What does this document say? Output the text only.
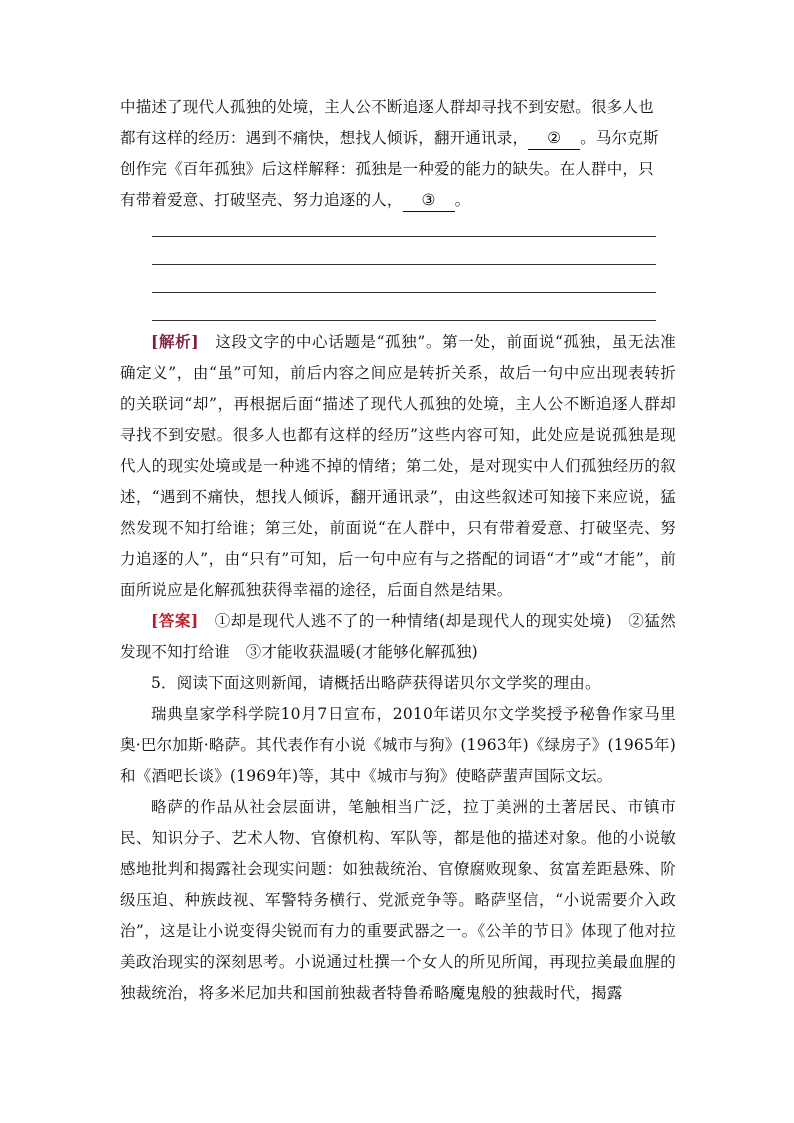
中描述了现代人孤独的处境，主人公不断追逐人群却寻找不到安慰。很多人也

都有这样的经历：遇到不痛快，想找人倾诉，翻开通讯录， ② 。马尔克斯

创作完《百年孤独》后这样解释：孤独是一种爱的能力的缺失。在人群中，只

有带着爱意、打破坚壳、努力追逐的人， ③ 。

[解析]　 这段文字的中心话题是“孤独”。第一处，前面说“孤独，虽无法准确定义”，由“虽”可知，前后内容之间应是转折关系，故后一句中应出现表转折的关联词“却”，再根据后面“描述了现代人孤独的处境，主人公不断追逐人群却寻找不到安慰。很多人也都有这样的经历”这些内容可知，此处应是说孤独是现代人的现实处境或是一种逃不掉的情绪；第二处，是对现实中人们孤独经历的叙述，“遇到不痛快，想找人倾诉，翻开通讯录”，由这些叙述可知接下来应说，猛然发现不知打给谁；第三处，前面说“在人群中，只有带着爱意、打破坚壳、努力追逐的人”，由“只有”可知，后一句中应有与之搭配的词语“才”或“才能”，前面所说应是化解孤独获得幸福的途径，后面自然是结果。

[答案]　 ①却是现代人逃不了的一种情绪(却是现代人的现实处境)　②猛然发现不知打给谁　③才能收获温暖(才能够化解孤独)

5．阅读下面这则新闻，请概括出略萨获得诺贝尔文学奖的理由。

瑞典皇家学科学院10月7日宣布，2010年诺贝尔文学奖授予秘鲁作家马里奥·巴尔加斯·略萨。其代表作有小说《城市与狗》(1963年)《绿房子》(1965年)和《酒吧长谈》(1969年)等，其中《城市与狗》使略萨蜚声国际文坛。

略萨的作品从社会层面讲，笔触相当广泛，拉丁美洲的土著居民、市镇市民、知识分子、艺术人物、官僚机构、军队等，都是他的描述对象。他的小说敏感地批判和揭露社会现实问题：如独裁统治、官僚腐败现象、贫富差距悬殊、阶级压迫、种族歧视、军警特务横行、党派竞争等。略萨坚信，“小说需要介入政治”，这是让小说变得尖锐而有力的重要武器之一。《公羊的节日》体现了他对拉美政治现实的深刻思考。小说通过杜撰一个女人的所见所闻，再现拉美最血腥的独裁统治，将多米尼加共和国前独裁者特鲁希略魔鬼般的独裁时代，揭露
